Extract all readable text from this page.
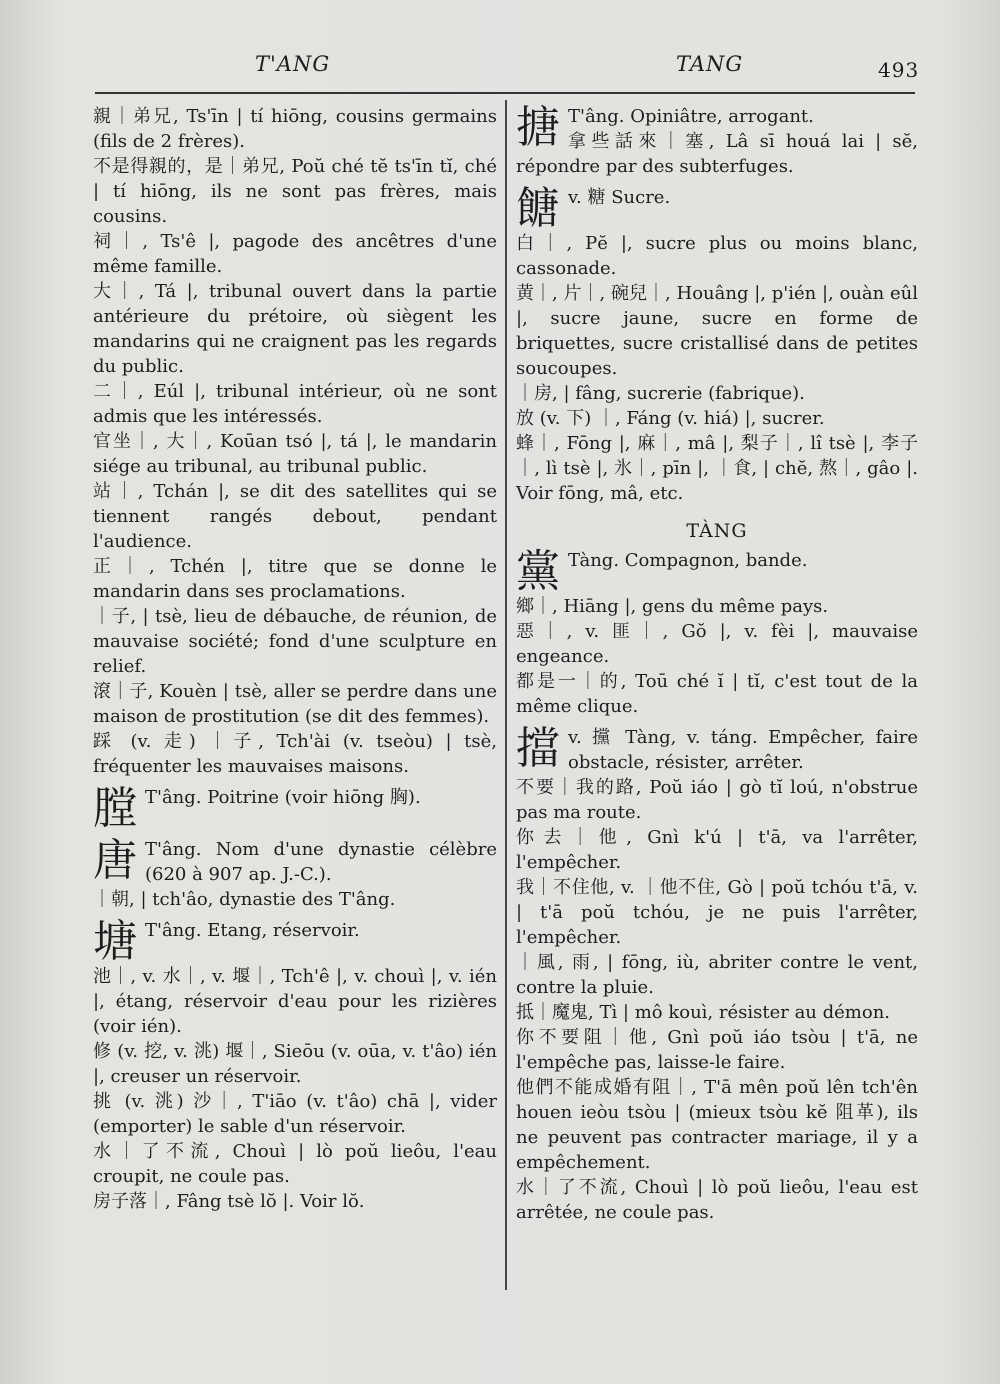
T'ANG	TANG	493

親｜弟兄, Ts'īn | tí hiōng, cousins germains (fils de 2 frères).

不是得親的，是｜弟兄, Poŭ ché tĕ ts'īn tĭ, ché | tí hiōng, ils ne sont pas frères, mais cousins.

祠｜, Ts'ê |, pagode des ancêtres d'une même famille.

大｜, Tá |, tribunal ouvert dans la partie antérieure du prétoire, où siègent les mandarins qui ne craignent pas les regards du public.

二｜, Eúl |, tribunal intérieur, où ne sont admis que les intéressés.

官坐｜, 大｜, Koūan tsó |, tá |, le mandarin siége au tribunal, au tribunal public.

站｜, Tchán |, se dit des satellites qui se tiennent rangés debout, pendant l'audience.

正｜, Tchén |, titre que se donne le mandarin dans ses proclamations.

｜子, | tsè, lieu de débauche, de réunion, de mauvaise société; fond d'une sculpture en relief.

滾｜子, Kouèn | tsè, aller se perdre dans une maison de prostitution (se dit des femmes).

踩 (v. 走) ｜子, Tch'ài (v. tseòu) | tsè, fréquenter les mauvaises maisons.

膛 T'âng. Poitrine (voir hiōng 胸).

唐 T'âng. Nom d'une dynastie célèbre (620 à 907 ap. J.-C.).

｜朝, | tch'âo, dynastie des T'âng.

塘 T'âng. Etang, réservoir.

池｜, v. 水｜, v. 堰｜, Tch'ê |, v. chouì |, v. ién |, étang, réservoir d'eau pour les rizières (voir ién).

修 (v. 挖, v. 洮) 堰｜, Sieōu (v. oūa, v. t'âo) ién |, creuser un réservoir.

挑 (v. 洮) 沙｜, T'iāo (v. t'âo) chā |, vider (emporter) le sable d'un réservoir.

水｜了不流, Chouì | lò poŭ lieôu, l'eau croupit, ne coule pas.

房子落｜, Fâng tsè lŏ |. Voir lŏ.

搪 T'âng. Opiniâtre, arrogant.

拿些話來｜塞, Lâ sī houá lai | sĕ, répondre par des subterfuges.

餹 v. 糖 Sucre.

白｜, Pĕ |, sucre plus ou moins blanc, cassonade.

黄｜, 片｜, 碗兒｜, Houâng |, p'ién |, ouàn eûl |, sucre jaune, sucre en forme de briquettes, sucre cristallisé dans de petites soucoupes.

｜房, | fâng, sucrerie (fabrique).

放 (v. 下) ｜, Fáng (v. hiá) |, sucrer.

蜂｜, Fōng |, 麻｜, mâ |, 梨子｜, lî tsè |, 李子｜, lì tsè |, 氷｜, pīn |, ｜食, | chĕ, 熬｜, gâo |. Voir fōng, mâ, etc.

TÀNG
黨 Tàng. Compagnon, bande.

鄉｜, Hiāng |, gens du même pays.

惡｜, v. 匪｜, Gŏ |, v. fèi |, mauvaise engeance.

都是一｜的, Toū ché ĭ | tĭ, c'est tout de la même clique.

擋 v. 攩 Tàng, v. táng. Empêcher, faire obstacle, résister, arrêter.

不要｜我的路, Poŭ iáo | gò tĭ loú, n'obstrue pas ma route.

你去｜他, Gnì k'ú | t'ā, va l'arrêter, l'empêcher.

我｜不住他, v. ｜他不住, Gò | poŭ tchóu t'ā, v. | t'ā poŭ tchóu, je ne puis l'arrêter, l'empêcher.

｜風, 雨, | fōng, iù, abriter contre le vent, contre la pluie.

抵｜魔鬼, Tì | mô kouì, résister au démon.

你不要阻｜他, Gnì poŭ iáo tsòu | t'ā, ne l'empêche pas, laisse-le faire.

他們不能成婚有阻｜, T'ā mên poŭ lên tch'ên houen ieòu tsòu | (mieux tsòu kĕ 阻革), ils ne peuvent pas contracter mariage, il y a empêchement.

水｜了不流, Chouì | lò poŭ lieôu, l'eau est arrêtée, ne coule pas.
